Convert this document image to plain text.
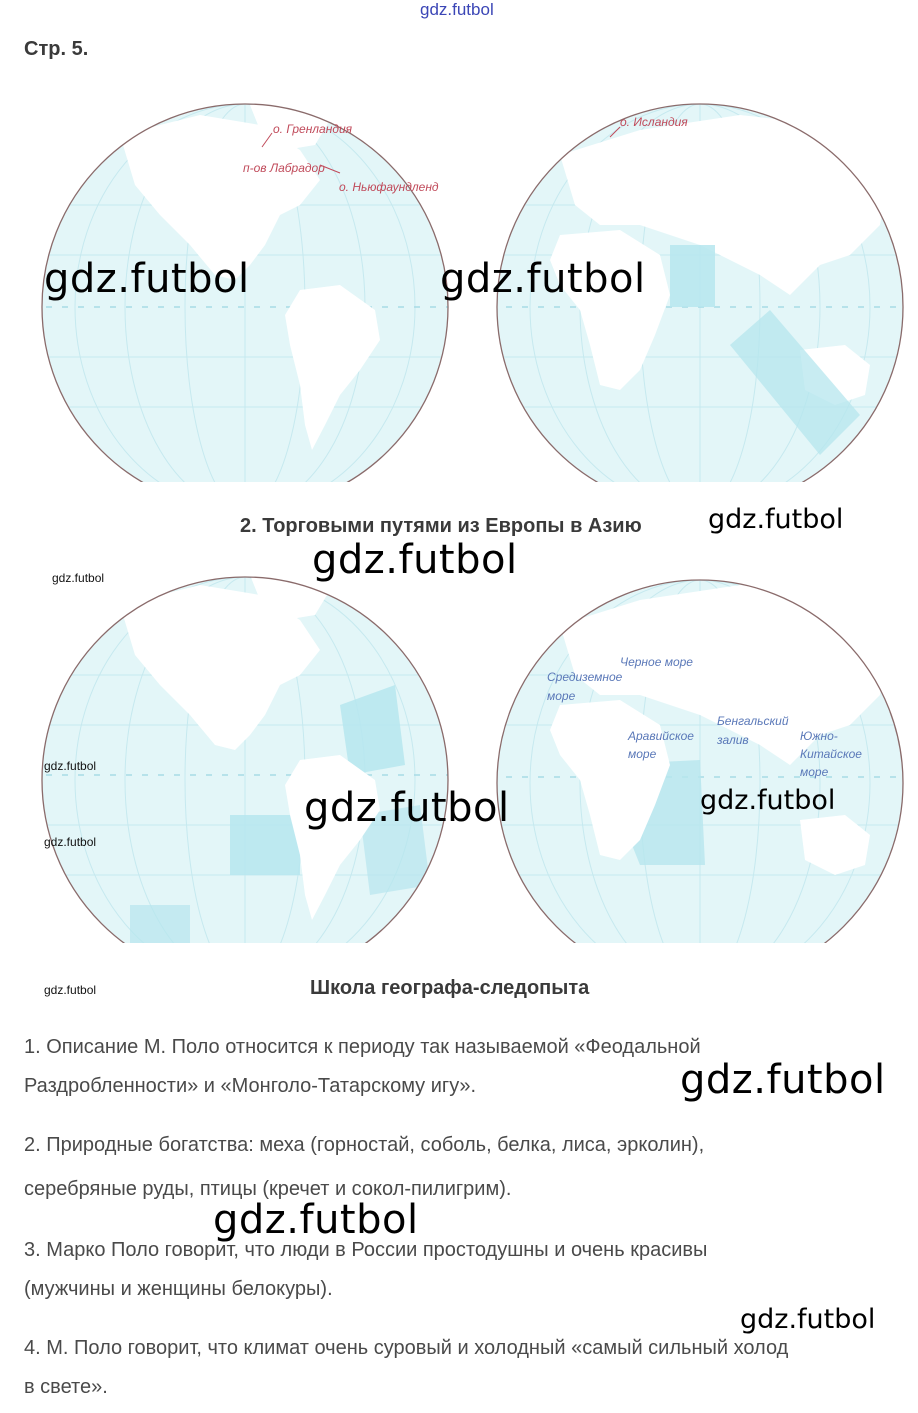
gdz.futbol
Стр. 5.
о. Гренландия
п-ов Лабрадор
о. Ньюфаундленд
о. Исландия
gdz.futbol	gdz.futbol
2. Торговыми путями из Европы в Азию gdz.futbol
gdz.futbol
gdz.futbol
Черное море
Средиземное
море
Аравийское
море
Бенгальский
залив	Южно-
Китайское
море
gdz.futbol
gdz.futbol	gdz.futbol
gdz.futbol
gdz.futbol	Школа географа-следопыта
1. Описание М. Поло относится к периоду так называемой «Феодальной
Раздробленности» и «Монголо-Татарскому игу».	gdz.futbol
2. Природные богатства: меха (горностай, соболь, белка, лиса, эрколин),
серебряные руды, птицы (кречет и сокол-пилигрим).
gdz.futbol
3. Марко Поло говорит, что люди в России простодушны и очень красивы
(мужчины и женщины белокуры).
gdz.futbol
4. М. Поло говорит, что климат очень суровый и холодный «самый сильный холод
в свете».
